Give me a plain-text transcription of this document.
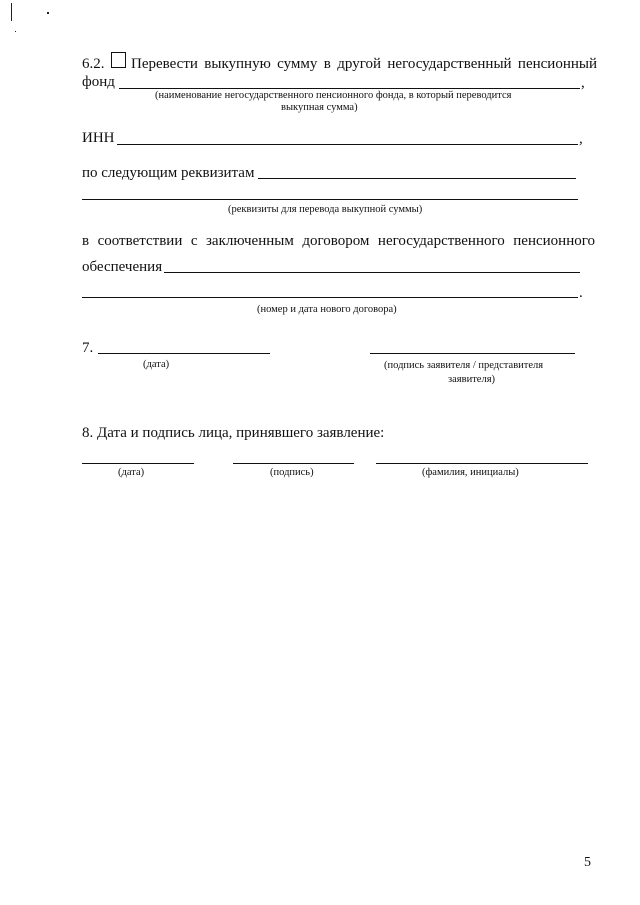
6.2. Перевести выкупную сумму в другой негосударственный пенсионный
фонд	,
(наименование негосударственного пенсионного фонда, в который переводится
выкупная сумма)
ИНН	,
по следующим реквизитам
(реквизиты для перевода выкупной суммы)
в соответствии с заключенным договором негосударственного пенсионного
обеспечения
.
(номер и дата нового договора)
7.
(дата)	(подпись заявителя / представителя
заявителя)
8. Дата и подпись лица, принявшего заявление:
(дата)	(подпись)	(фамилия, инициалы)
5
